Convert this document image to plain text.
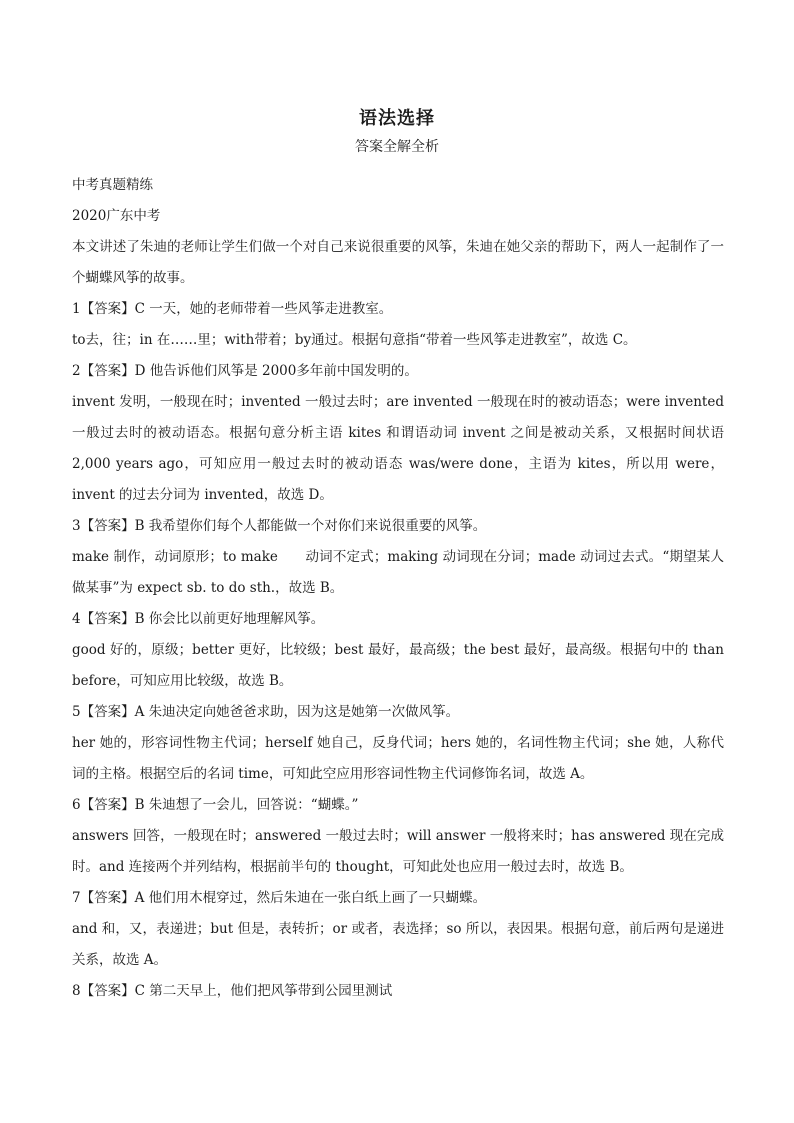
语法选择
答案全解全析

中考真题精练

2020广东中考

本文讲述了朱迪的老师让学生们做一个对自己来说很重要的风筝，朱迪在她父亲的帮助下，两人一起制作了一个蝴蝶风筝的故事。

1【答案】C 一天，她的老师带着一些风筝走进教室。

to去，往；in 在……里；with带着；by通过。根据句意指“带着一些风筝走进教室”，故选 C。

2【答案】D 他告诉他们风筝是 2000多年前中国发明的。

invent 发明，一般现在时；invented 一般过去时；are invented 一般现在时的被动语态；were invented 一般过去时的被动语态。根据句意分析主语 kites 和谓语动词 invent 之间是被动关系，又根据时间状语 2,000 years ago，可知应用一般过去时的被动语态 was/were done，主语为 kites，所以用 were，invent 的过去分词为 invented，故选 D。

3【答案】B 我希望你们每个人都能做一个对你们来说很重要的风筝。

make 制作，动词原形；to make　　动词不定式；making 动词现在分词；made 动词过去式。“期望某人做某事”为 expect sb. to do sth.，故选 B。

4【答案】B 你会比以前更好地理解风筝。

good 好的，原级；better 更好，比较级；best 最好，最高级；the best 最好，最高级。根据句中的 than before，可知应用比较级，故选 B。

5【答案】A 朱迪决定向她爸爸求助，因为这是她第一次做风筝。

her 她的，形容词性物主代词；herself 她自己，反身代词；hers 她的，名词性物主代词；she 她，人称代词的主格。根据空后的名词 time，可知此空应用形容词性物主代词修饰名词，故选 A。

6【答案】B 朱迪想了一会儿，回答说：“蝴蝶。”

answers 回答，一般现在时；answered 一般过去时；will answer 一般将来时；has answered 现在完成时。and 连接两个并列结构，根据前半句的 thought，可知此处也应用一般过去时，故选 B。

7【答案】A 他们用木棍穿过，然后朱迪在一张白纸上画了一只蝴蝶。

and 和，又，表递进；but 但是，表转折；or 或者，表选择；so 所以，表因果。根据句意，前后两句是递进关系，故选 A。

8【答案】C 第二天早上，他们把风筝带到公园里测试
